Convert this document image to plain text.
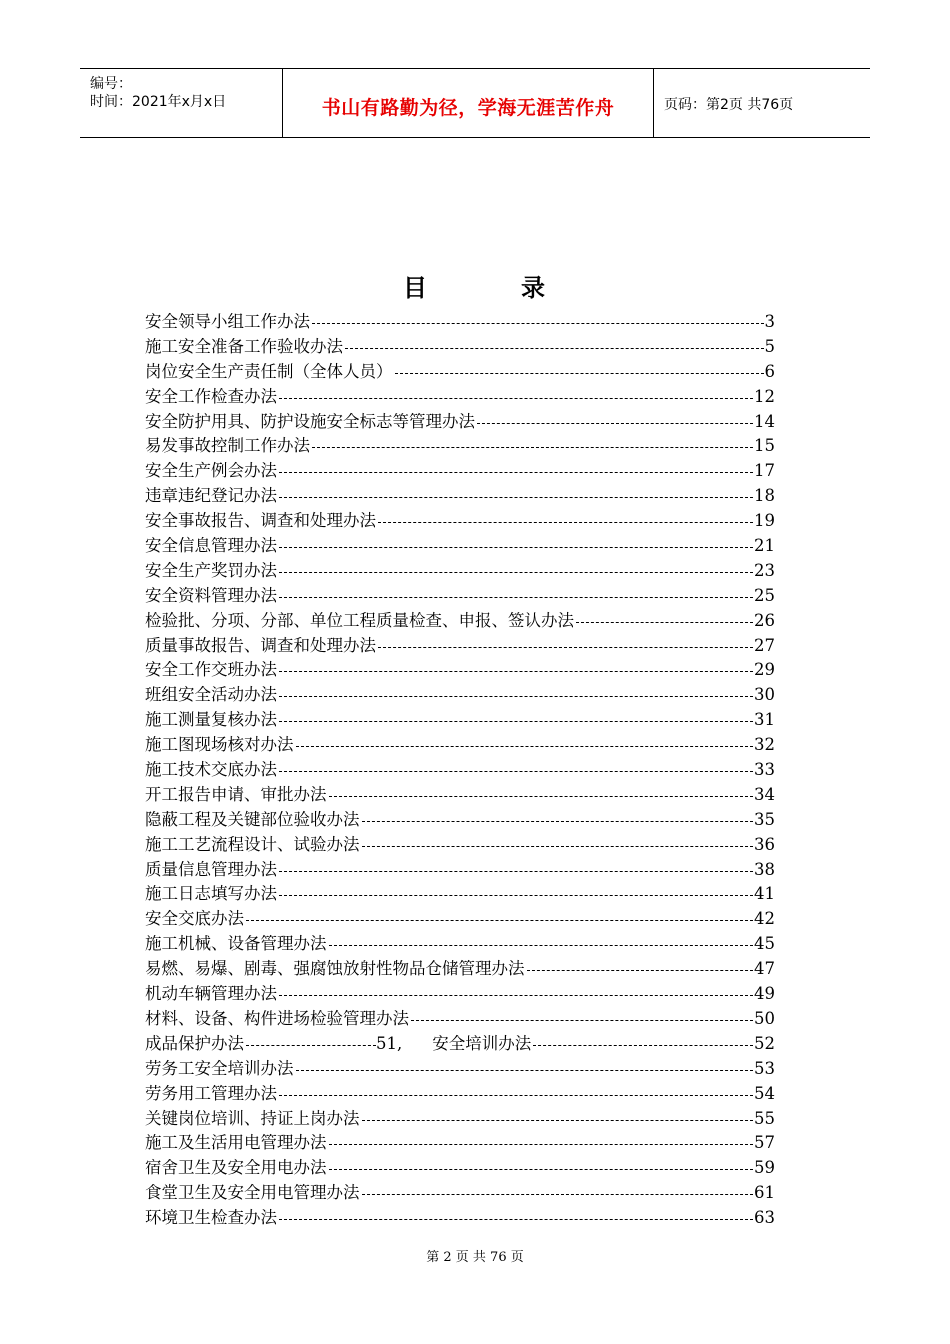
编号：
时间：2021年x月x日	书山有路勤为径，学海无涯苦作舟	页码：第2页 共76页
目	录
安全领导小组工作办法	3
施工安全准备工作验收办法	5
岗位安全生产责任制（全体人员）	6
安全工作检查办法	12
安全防护用具、防护设施安全标志等管理办法	14
易发事故控制工作办法	15
安全生产例会办法	17
违章违纪登记办法	18
安全事故报告、调查和处理办法	19
安全信息管理办法	21
安全生产奖罚办法	23
安全资料管理办法	25
检验批、分项、分部、单位工程质量检查、申报、签认办法	26
质量事故报告、调查和处理办法	27
安全工作交班办法	29
班组安全活动办法	30
施工测量复核办法	31
施工图现场核对办法	32
施工技术交底办法	33
开工报告申请、审批办法	34
隐蔽工程及关键部位验收办法	35
施工工艺流程设计、试验办法	36
质量信息管理办法	38
施工日志填写办法	41
安全交底办法	42
施工机械、设备管理办法	45
易燃、易爆、剧毒、强腐蚀放射性物品仓储管理办法	47
机动车辆管理办法	49
材料、设备、构件进场检验管理办法	50
成品保护办法	51, 安全培训办法	52
劳务工安全培训办法	53
劳务用工管理办法	54
关键岗位培训、持证上岗办法	55
施工及生活用电管理办法	57
宿舍卫生及安全用电办法	59
食堂卫生及安全用电管理办法	61
环境卫生检查办法	63
第 2 页 共 76 页
